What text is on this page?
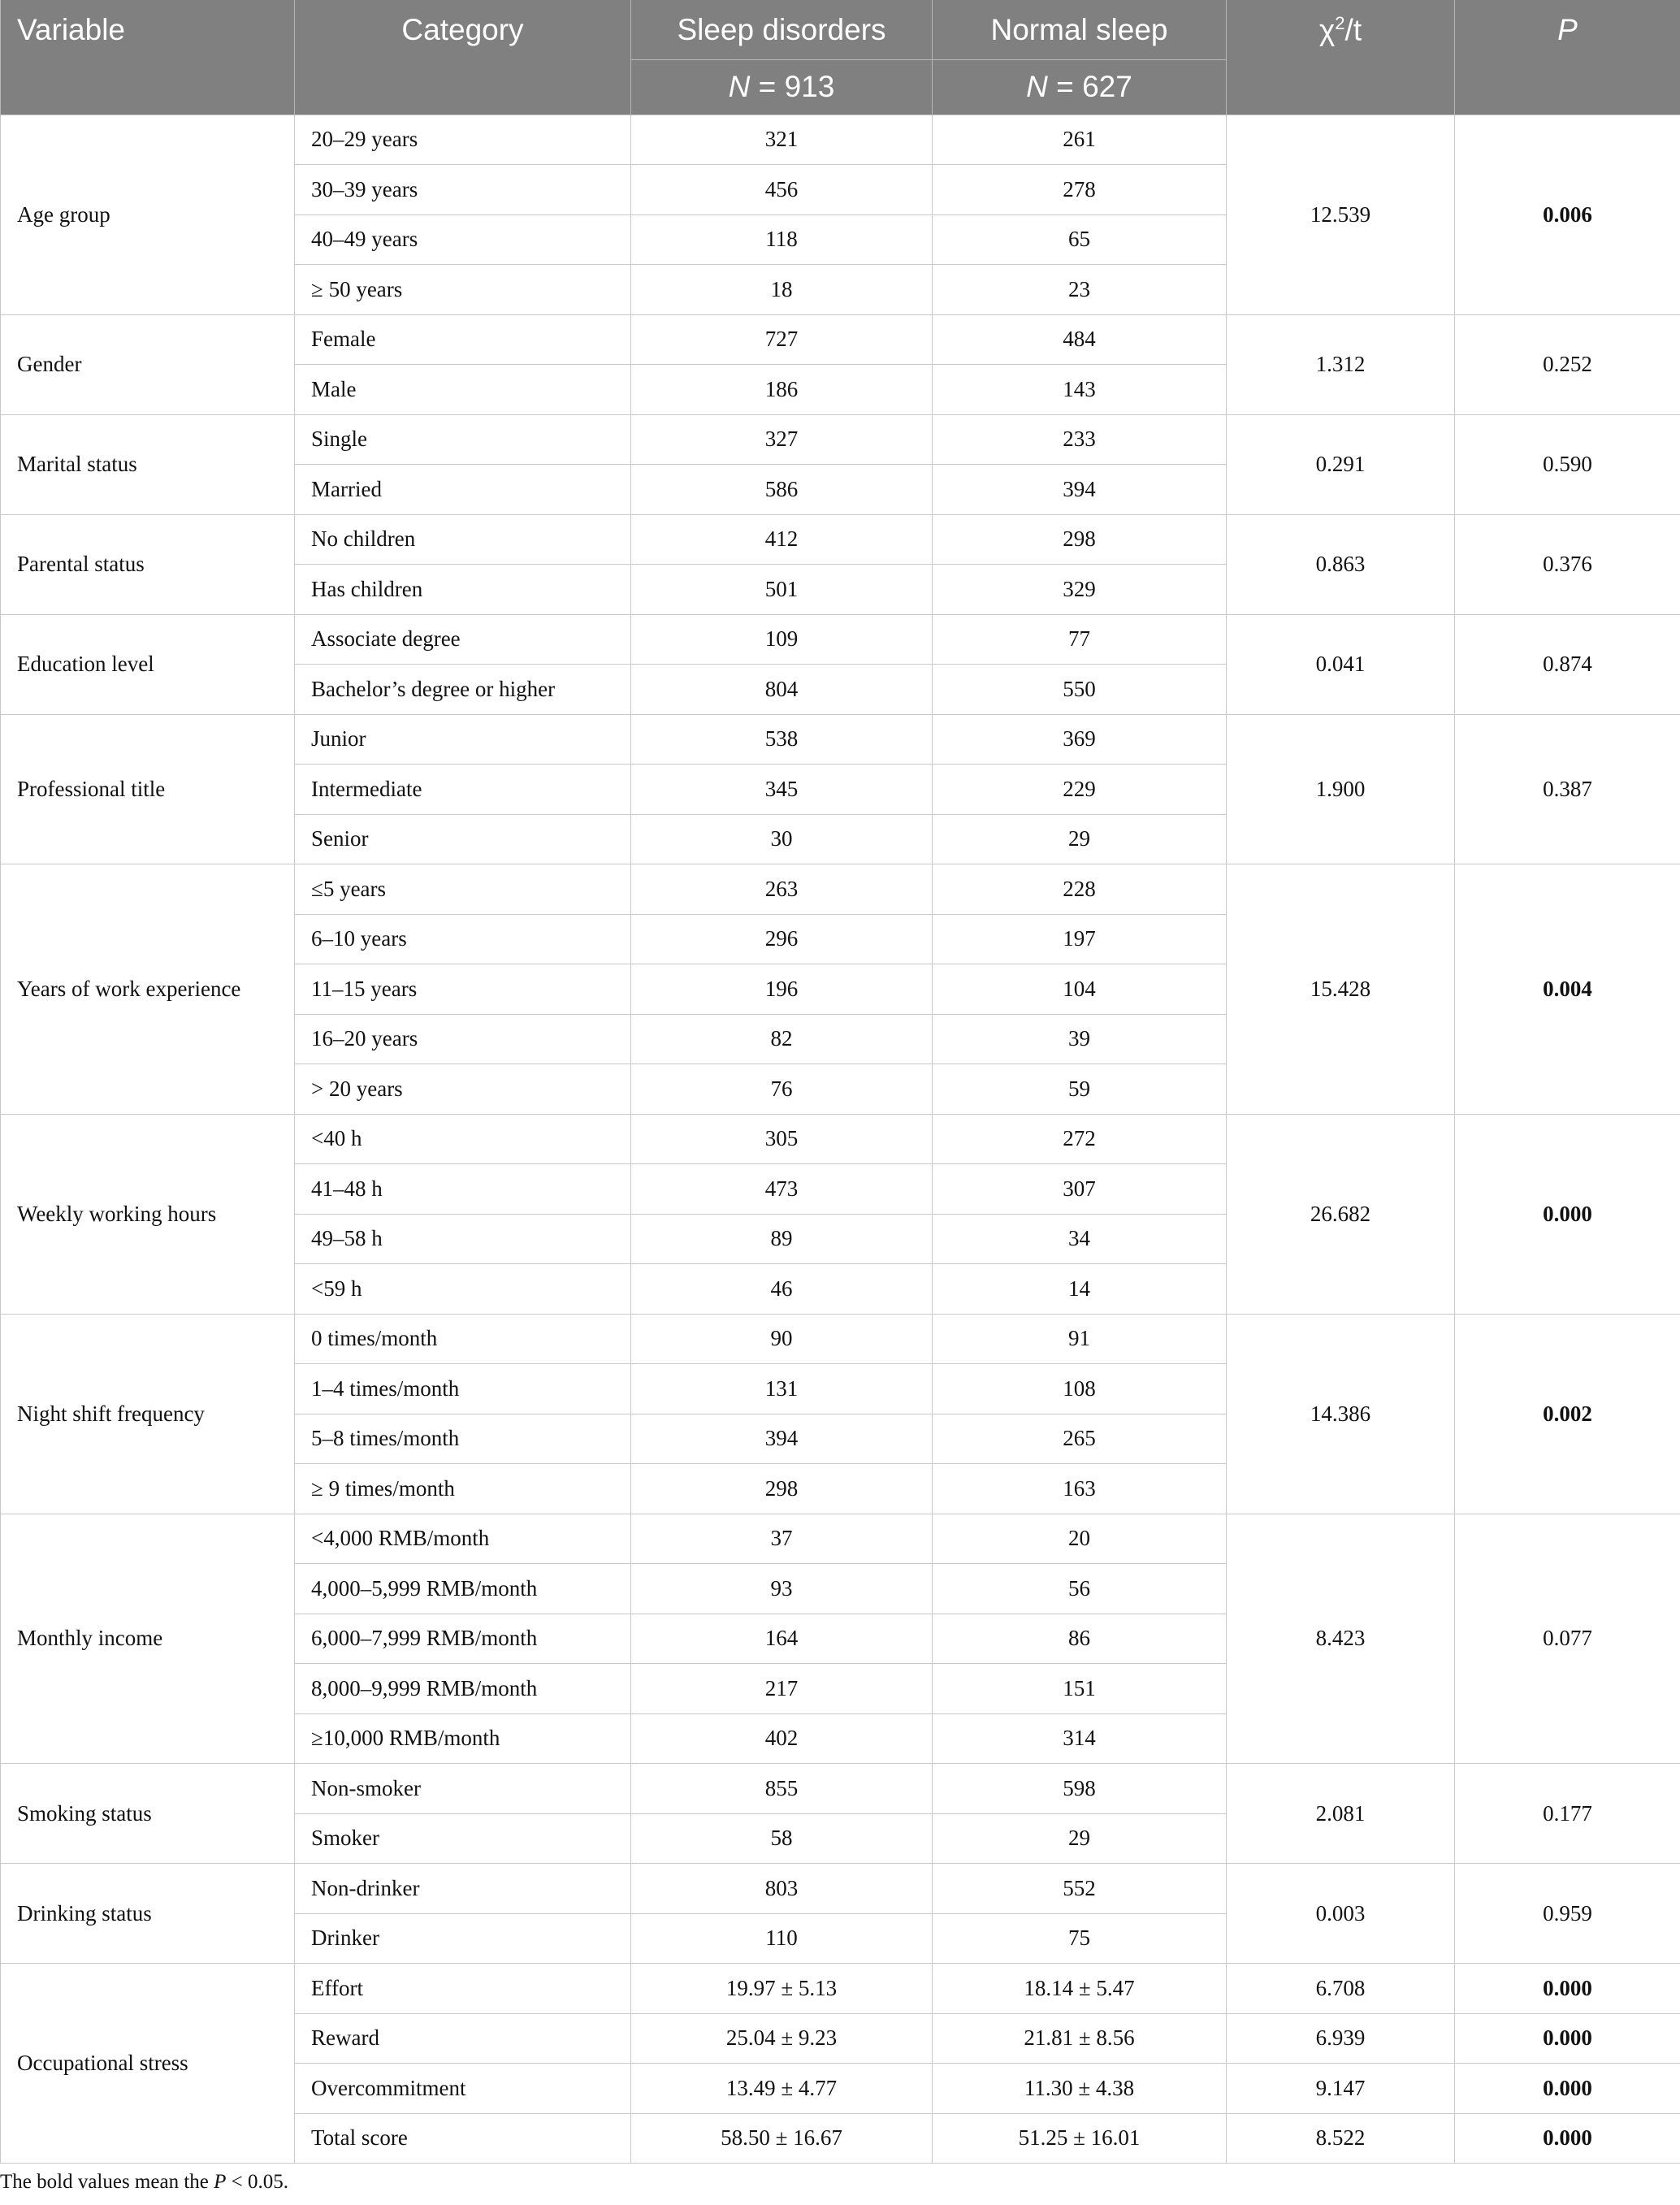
Variable	Category	Sleep disorders	Normal sleep	$\chi^2/t$	P
		N = 913	N = 627		
Age group	20–29 years	321	261	12.539	0.006
	30–39 years	456	278		
	40–49 years	118	65		
	≥ 50 years	18	23		
Gender	Female	727	484	1.312	0.252
	Male	186	143		
Marital status	Single	327	233	0.291	0.590
	Married	586	394		
Parental status	No children	412	298	0.863	0.376
	Has children	501	329		
Education level	Associate degree	109	77	0.041	0.874
	Bachelor’s degree or higher	804	550		
Professional title	Junior	538	369	1.900	0.387
	Intermediate	345	229		
	Senior	30	29		
Years of work experience	≤5 years	263	228	15.428	0.004
	6–10 years	296	197		
	11–15 years	196	104		
	16–20 years	82	39		
	> 20 years	76	59		
Weekly working hours	<40 h	305	272	26.682	0.000
	41–48 h	473	307		
	49–58 h	89	34		
	<59 h	46	14		
Night shift frequency	0 times/month	90	91	14.386	0.002
	1–4 times/month	131	108		
	5–8 times/month	394	265		
	≥ 9 times/month	298	163		
Monthly income	<4,000 RMB/month	37	20	8.423	0.077
	4,000–5,999 RMB/month	93	56		
	6,000–7,999 RMB/month	164	86		
	8,000–9,999 RMB/month	217	151		
	≥10,000 RMB/month	402	314		
Smoking status	Non-smoker	855	598	2.081	0.177
	Smoker	58	29		
Drinking status	Non-drinker	803	552	0.003	0.959
	Drinker	110	75		
Occupational stress	Effort	19.97 ± 5.13	18.14 ± 5.47	6.708	0.000
	Reward	25.04 ± 9.23	21.81 ± 8.56	6.939	0.000
	Overcommitment	13.49 ± 4.77	11.30 ± 4.38	9.147	0.000
	Total score	58.50 ± 16.67	51.25 ± 16.01	8.522	0.000
The bold values mean the P < 0.05.
